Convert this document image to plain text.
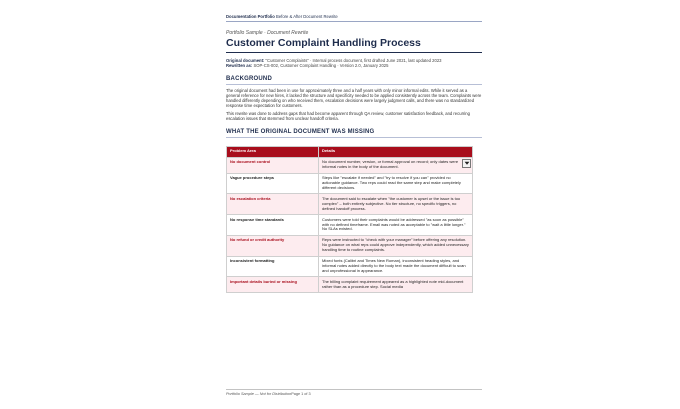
Documentation Portfolio Before & After Document Rewrite
Portfolio Sample · Document Rewrite
Customer Complaint Handling Process
Original document: "Customer Complaints" · Internal process document, first drafted June 2021, last updated 2023
Rewritten as: SOP-CS-002, Customer Complaint Handling · Version 2.0, January 2025
BACKGROUND
The original document had been in use for approximately three and a half years with only minor informal edits. While it served as a general reference for new hires, it lacked the structure and specificity needed to be applied consistently across the team. Complaints were handled differently depending on who received them, escalation decisions were largely judgment calls, and there was no standardized response time expectation for customers.
This rewrite was done to address gaps that had become apparent through QA review, customer satisfaction feedback, and recurring escalation issues that stemmed from unclear handoff criteria.
WHAT THE ORIGINAL DOCUMENT WAS MISSING
Problem Area	Details
No document control	No document number, version, or formal approval on record; only dates were informal notes in the body of the document.

Vague procedure steps	Steps like "escalate if needed" and "try to resolve if you can" provided no actionable guidance. Two reps could read the same step and make completely different decisions.
No escalation criteria	The document said to escalate when "the customer is upset or the issue is too complex" – both entirely subjective. No tier structure, no specific triggers, no defined handoff process.
No response time standards	Customers were told their complaints would be addressed "as soon as possible" with no defined timeframe. Email was noted as acceptable to "wait a little longer." No SLAs existed.
No refund or credit authority	Reps were instructed to "check with your manager" before offering any resolution. No guidance on what reps could approve independently, which added unnecessary handling time to routine complaints.
Inconsistent formatting	Mixed fonts (Calibri and Times New Roman), inconsistent heading styles, and informal notes added directly to the body text made the document difficult to scan and unprofessional in appearance.
Important details buried or missing	The billing complaint requirement appeared as a highlighted note mid-document rather than as a procedure step. Social media
Portfolio Sample — Not for DistributionPage 1 of 3
